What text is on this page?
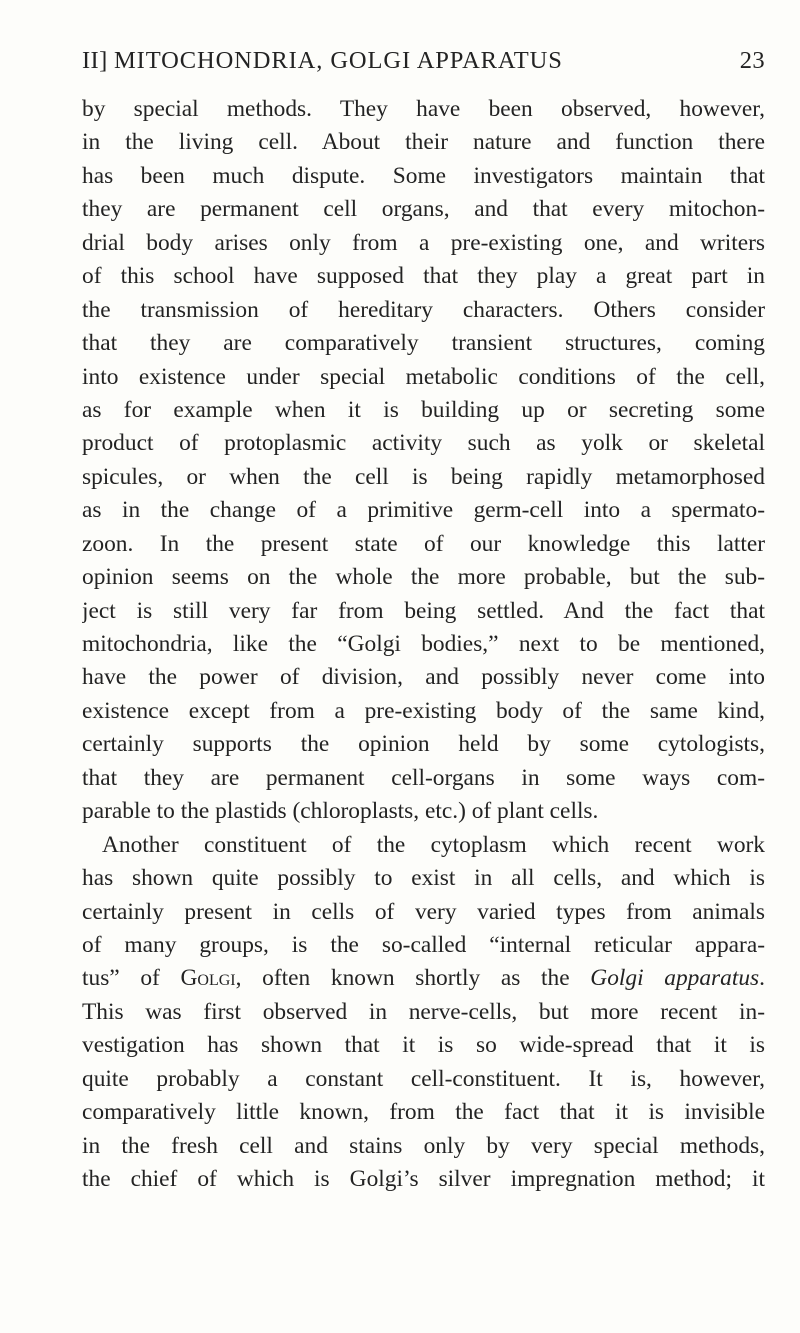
II] MITOCHONDRIA, GOLGI APPARATUS	23
by special methods. They have been observed, however,
in the living cell. About their nature and function there
has been much dispute. Some investigators maintain that
they are permanent cell organs, and that every mitochon-
drial body arises only from a pre-existing one, and writers
of this school have supposed that they play a great part in
the transmission of hereditary characters. Others consider
that they are comparatively transient structures, coming
into existence under special metabolic conditions of the cell,
as for example when it is building up or secreting some
product of protoplasmic activity such as yolk or skeletal
spicules, or when the cell is being rapidly metamorphosed
as in the change of a primitive germ-cell into a spermato-
zoon. In the present state of our knowledge this latter
opinion seems on the whole the more probable, but the sub-
ject is still very far from being settled. And the fact that
mitochondria, like the “Golgi bodies,” next to be mentioned,
have the power of division, and possibly never come into
existence except from a pre-existing body of the same kind,
certainly supports the opinion held by some cytologists,
that they are permanent cell-organs in some ways com-
parable to the plastids (chloroplasts, etc.) of plant cells.
Another constituent of the cytoplasm which recent work
has shown quite possibly to exist in all cells, and which is
certainly present in cells of very varied types from animals
of many groups, is the so-called “internal reticular appara-
tus” of Golgi, often known shortly as the Golgi apparatus.
This was first observed in nerve-cells, but more recent in-
vestigation has shown that it is so wide-spread that it is
quite probably a constant cell-constituent. It is, however,
comparatively little known, from the fact that it is invisible
in the fresh cell and stains only by very special methods,
the chief of which is Golgi’s silver impregnation method; it
